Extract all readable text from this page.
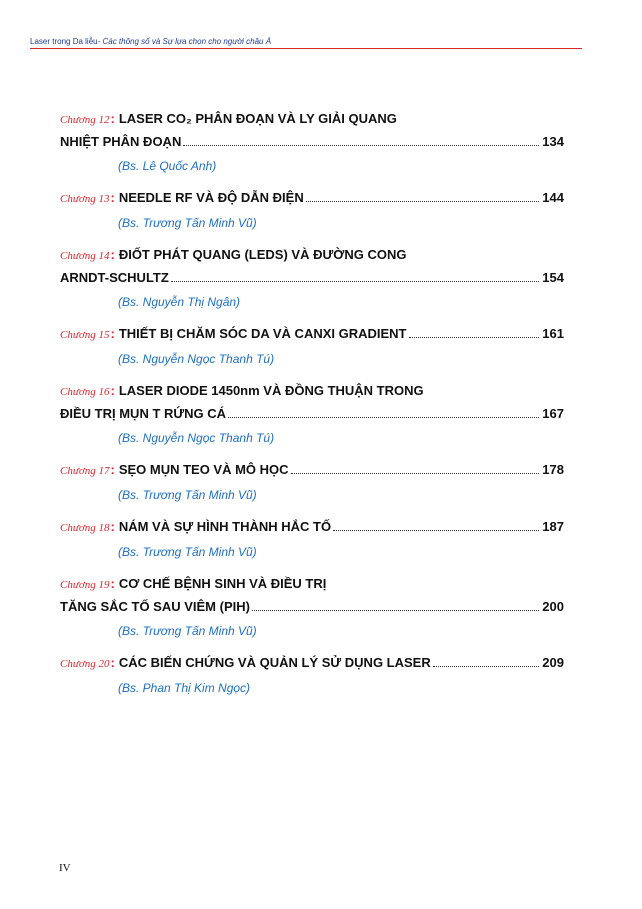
Laser trong Da liễu- Các thông số và Sự lựa chọn cho người châu Á
Chương 12 : LASER CO₂ PHÂN ĐOẠN VÀ LY GIẢI QUANG
NHIỆT PHÂN ĐOẠN	134
(Bs. Lê Quốc Anh)
Chương 13 : NEEDLE RF VÀ ĐỘ DẪN ĐIỆN	144
(Bs. Trương Tấn Minh Vũ)
Chương 14 : ĐIỐT PHÁT QUANG (LEDS) VÀ ĐƯỜNG CONG
ARNDT-SCHULTZ	154
(Bs. Nguyễn Thị Ngân)
Chương 15 : THIẾT BỊ CHĂM SÓC DA VÀ CANXI GRADIENT	161
(Bs. Nguyễn Ngọc Thanh Tú)
Chương 16 : LASER DIODE 1450nm VÀ ĐỒNG THUẬN TRONG
ĐIỀU TRỊ MỤN T RỨNG CÁ	167
(Bs. Nguyễn Ngọc Thanh Tú)
Chương 17 : SẸO MỤN TEO VÀ MÔ HỌC	178
(Bs. Trương Tấn Minh Vũ)
Chương 18 : NÁM VÀ SỰ HÌNH THÀNH HẮC TỐ	187
(Bs. Trương Tấn Minh Vũ)
Chương 19 : CƠ CHẾ BỆNH SINH VÀ ĐIỀU TRỊ
TĂNG SẮC TỐ SAU VIÊM (PIH)	200
(Bs. Trương Tấn Minh Vũ)
Chương 20 : CÁC BIẾN CHỨNG VÀ QUẢN LÝ SỬ DỤNG LASER	209
(Bs. Phan Thị Kim Ngọc)
IV
